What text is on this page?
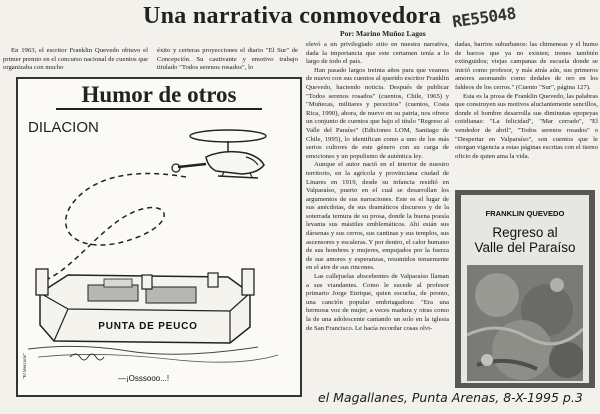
Una narrativa conmovedora RE55048
Por: Marino Muñoz Lagos

En 1963, el escritor Franklin Quevedo obtuvo el primer premio en el concurso nacional de cuentos que organizaba con mucho

éxito y certeras proyecciones el diario "El Sur" de Concepción. Su cautivante y emotivo trabajo titulado "Todos serenos rosados", lo

Humor de otros
DILACION
PUNTA DE PEUCO
—¡Osssooo...!
"El Mercurio"

elevó a un privilegiado sitio en nuestra narrativa, dada la importancia que este certamen tenía a lo largo de todo el país.

Han pasado largos treinta años para que veamos de nuevo con sus cuentos al querido escritor Franklin Quevedo, haciendo noticia. Después de publicar "Todos serenos rosados" (cuentos, Chile, 1965) y "Muñecas, militares y pececitos" (cuentos, Costa Rica, 1990), ahora, de nuevo en su patria, nos ofrece un conjunto de cuentos que bajo el título "Regreso al Valle del Paraíso" (Ediciones LOM, Santiago de Chile, 1995), lo identifican como a uno de los más serios cultores de este género con su carga de emociones y un populismo de auténtica ley.

Aunque el autor nació en el interior de nuestro territorio, en la agrícola y provinciana ciudad de Linares en 1919, desde su infancia residió en Valparaíso, puerto en el cual se desarrollan los argumentos de sus narraciones. Este es el lugar de sus anécdotas, de sus dramáticos discursos y de la soterrada ternura de su prosa, donde la buena poesía levanta sus mástiles emblemáticos. Ahí están sus dársenas y sus cerros, sus cantinas y sus templos, sus ascensores y escaleras. Y por dentro, el calor humano de sus hombres y mujeres, empujados por la fuerza de sus amores y esperanzas, resumidos tenuemente en el aire de sus rincones.

Las callejuelas abscebentes de Valparaíso llaman a sus viandantes. Como le sucede al profesor primario Jorge Enrique, quien escucha, de pronto, una canción popular embriagadora: "Era una hermosa voz de mujer, a veces madura y otras como la de una adolescente cantando un solo en la iglesia de San Francisco. Le hacía recordar cosas olvi-

dadas, barrios suburbanos: las chimeneas y el humo de barcos que ya no existen; trenes también extinguidos; viejas campanas de escuela donde se inició como profesor, y más atrás aún, sus primeros amores asomando como dedales de oro en los faldeos de los cerros." (Cuento "Sur", página 127).

Esta es la prosa de Franklin Quevedo, las palabras que construyen sus motivos aluciantemente sencillos, donde el hombre desarrolla sus diminutas epopeyas cotidianas: "La felicidad", "Mar cerrado", "El vendedor de abril", "Todos serenos rosados" o "Despertar en Valparaíso", son cuentos que le otorgan vigencia a estas páginas escritas con el tierno oficio de quien ama la vida.

FRANKLIN QUEVEDO
Regreso al
Valle del Paraíso
el Magallanes, Punta Arenas, 8-X-1995 p.3
